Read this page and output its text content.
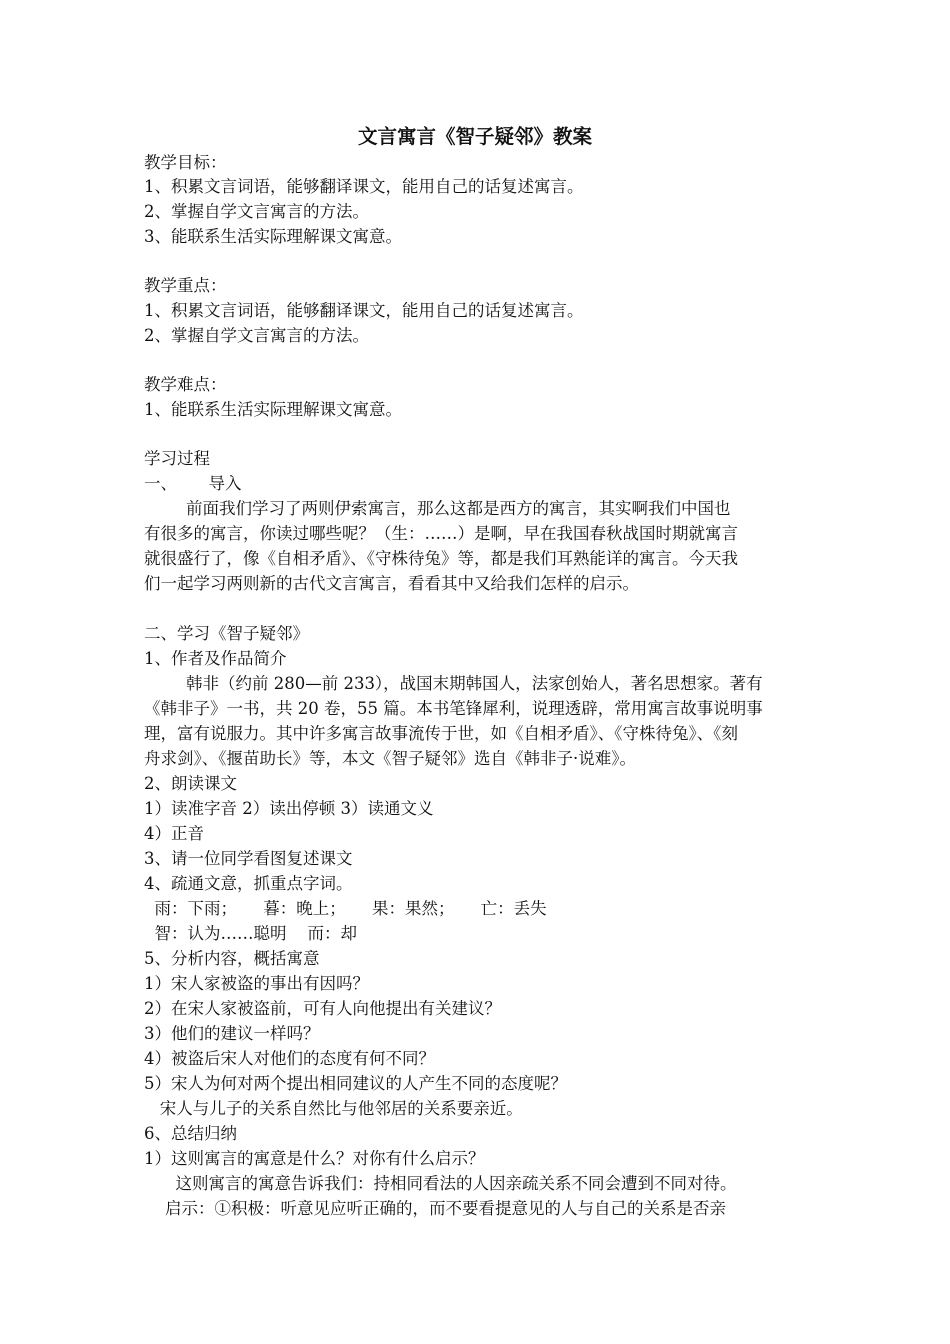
文言寓言《智子疑邻》教案
教学目标：
1、积累文言词语，能够翻译课文，能用自己的话复述寓言。
2、掌握自学文言寓言的方法。
3、能联系生活实际理解课文寓意。
教学重点：
1、积累文言词语，能够翻译课文，能用自己的话复述寓言。
2、掌握自学文言寓言的方法。
教学难点：
1、能联系生活实际理解课文寓意。
学习过程
一、      导入
前面我们学习了两则伊索寓言，那么这都是西方的寓言，其实啊我们中国也
有很多的寓言，你读过哪些呢？（生：……）是啊，早在我国春秋战国时期就寓言
就很盛行了，像《自相矛盾》、《守株待兔》等，都是我们耳熟能详的寓言。今天我
们一起学习两则新的古代文言寓言，看看其中又给我们怎样的启示。
二、学习《智子疑邻》
1、作者及作品简介
韩非（约前 280—前 233），战国末期韩国人，法家创始人，著名思想家。著有
《韩非子》一书，共 20 卷，55 篇。本书笔锋犀利，说理透辟，常用寓言故事说明事
理，富有说服力。其中许多寓言故事流传于世，如《自相矛盾》、《守株待兔》、《刻
舟求剑》、《揠苗助长》等，本文《智子疑邻》选自《韩非子·说难》。
2、朗读课文
1）读准字音 2）读出停顿 3）读通文义
4）正音
3、请一位同学看图复述课文
4、疏通文意，抓重点字词。
雨：下雨；     暮：晚上；     果：果然；     亡：丢失
智：认为……聪明    而：却
5、分析内容，概括寓意
1）宋人家被盗的事出有因吗？
2）在宋人家被盗前，可有人向他提出有关建议？
3）他们的建议一样吗？
4）被盗后宋人对他们的态度有何不同？
5）宋人为何对两个提出相同建议的人产生不同的态度呢？
宋人与儿子的关系自然比与他邻居的关系要亲近。
6、总结归纳
1）这则寓言的寓意是什么？对你有什么启示？
这则寓言的寓意告诉我们：持相同看法的人因亲疏关系不同会遭到不同对待。
启示：①积极：听意见应听正确的，而不要看提意见的人与自己的关系是否亲
